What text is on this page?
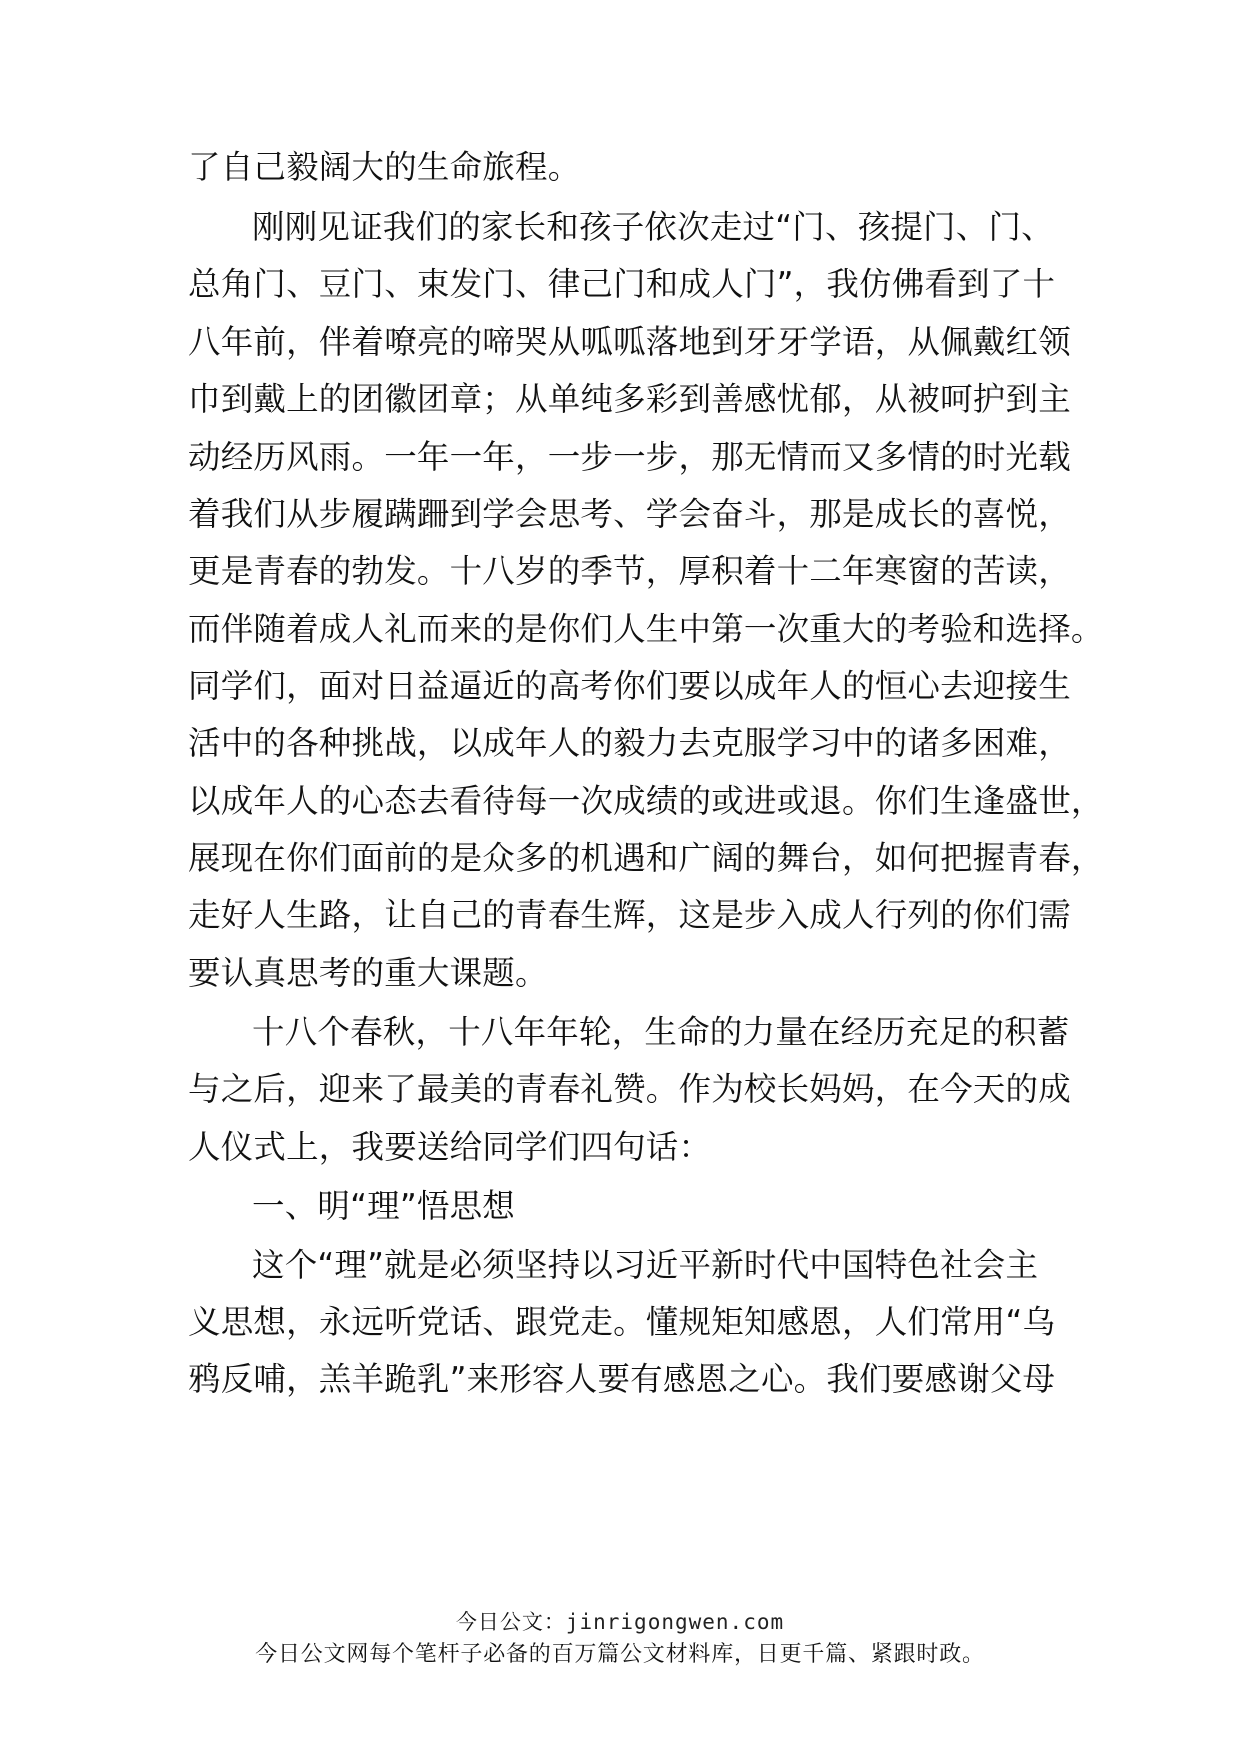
了自己毅阔大的生命旅程。
刚刚见证我们的家长和孩子依次走过“门、孩提门、门、
总角门、豆门、束发门、律己门和成人门”，我仿佛看到了十
八年前，伴着嘹亮的啼哭从呱呱落地到牙牙学语，从佩戴红领
巾到戴上的团徽团章；从单纯多彩到善感忧郁，从被呵护到主
动经历风雨。一年一年，一步一步，那无情而又多情的时光载
着我们从步履蹒跚到学会思考、学会奋斗，那是成长的喜悦，
更是青春的勃发。十八岁的季节，厚积着十二年寒窗的苦读，
而伴随着成人礼而来的是你们人生中第一次重大的考验和选择。
同学们，面对日益逼近的高考你们要以成年人的恒心去迎接生
活中的各种挑战，以成年人的毅力去克服学习中的诸多困难，
以成年人的心态去看待每一次成绩的或进或退。你们生逢盛世，
展现在你们面前的是众多的机遇和广阔的舞台，如何把握青春，
走好人生路，让自己的青春生辉，这是步入成人行列的你们需
要认真思考的重大课题。
十八个春秋，十八年年轮，生命的力量在经历充足的积蓄
与之后，迎来了最美的青春礼赞。作为校长妈妈，在今天的成
人仪式上，我要送给同学们四句话：
一、明“理”悟思想
这个“理”就是必须坚持以习近平新时代中国特色社会主
义思想，永远听党话、跟党走。懂规矩知感恩，人们常用“乌
鸦反哺，羔羊跪乳”来形容人要有感恩之心。我们要感谢父母
今日公文：jinrigongwen.com
今日公文网每个笔杆子必备的百万篇公文材料库，日更千篇、紧跟时政。
